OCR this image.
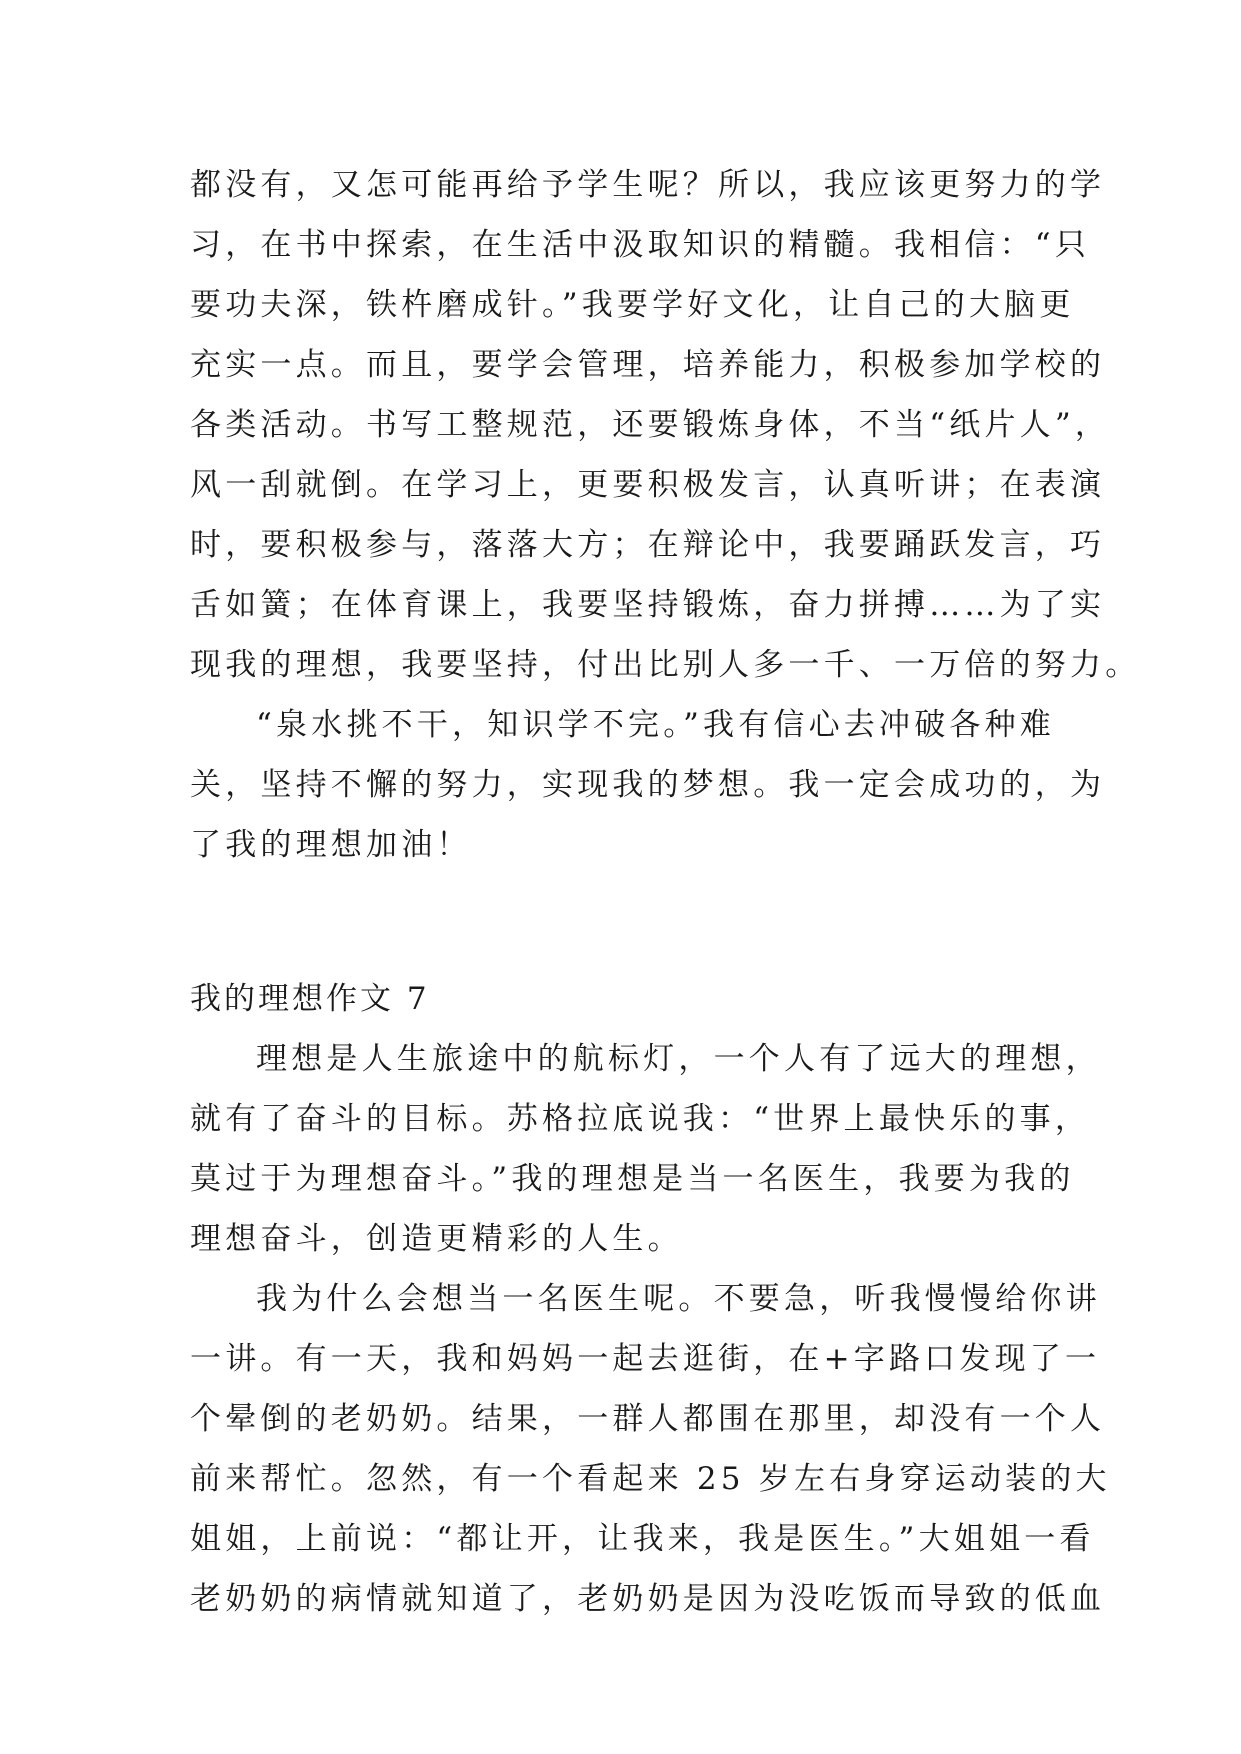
都没有，又怎可能再给予学生呢？所以，我应该更努力的学
习，在书中探索，在生活中汲取知识的精髓。我相信：“只
要功夫深，铁杵磨成针。”我要学好文化，让自己的大脑更
充实一点。而且，要学会管理，培养能力，积极参加学校的
各类活动。书写工整规范，还要锻炼身体，不当“纸片人”，
风一刮就倒。在学习上，更要积极发言，认真听讲；在表演
时，要积极参与，落落大方；在辩论中，我要踊跃发言，巧
舌如簧；在体育课上，我要坚持锻炼，奋力拼搏……为了实
现我的理想，我要坚持，付出比别人多一千、一万倍的努力。
“泉水挑不干，知识学不完。”我有信心去冲破各种难
关，坚持不懈的努力，实现我的梦想。我一定会成功的，为
了我的理想加油！
我的理想作文 7
理想是人生旅途中的航标灯，一个人有了远大的理想，
就有了奋斗的目标。苏格拉底说我：“世界上最快乐的事，
莫过于为理想奋斗。”我的理想是当一名医生，我要为我的
理想奋斗，创造更精彩的人生。
我为什么会想当一名医生呢。不要急，听我慢慢给你讲
一讲。有一天，我和妈妈一起去逛街，在+字路口发现了一
个晕倒的老奶奶。结果，一群人都围在那里，却没有一个人
前来帮忙。忽然，有一个看起来 25 岁左右身穿运动装的大
姐姐，上前说：“都让开，让我来，我是医生。”大姐姐一看
老奶奶的病情就知道了，老奶奶是因为没吃饭而导致的低血
